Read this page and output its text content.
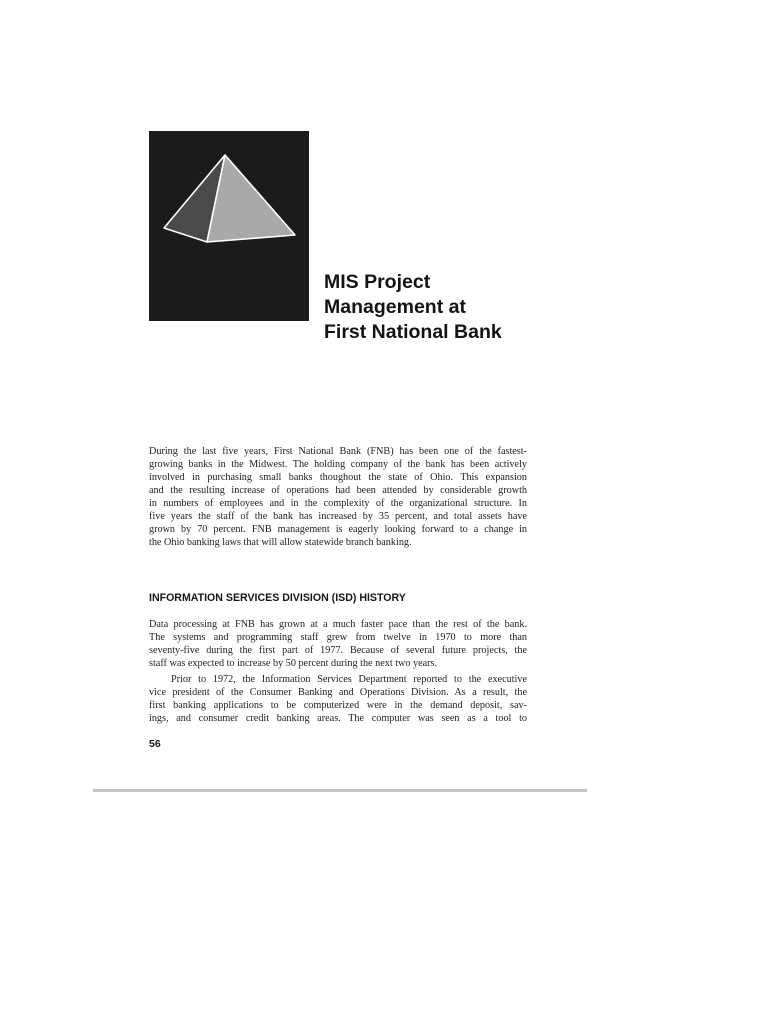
MIS Project
Management at
First National Bank

During the last five years, First National Bank (FNB) has been one of the fastest-
growing banks in the Midwest. The holding company of the bank has been actively
involved in purchasing small banks thoughout the state of Ohio. This expansion
and the resulting increase of operations had been attended by considerable growth
in numbers of employees and in the complexity of the organizational structure. In
five years the staff of the bank has increased by 35 percent, and total assets have
grown by 70 percent. FNB management is eagerly looking forward to a change in
the Ohio banking laws that will allow statewide branch banking.

INFORMATION SERVICES DIVISION (ISD) HISTORY

Data processing at FNB has grown at a much faster pace than the rest of the bank.
The systems and programming staff grew from twelve in 1970 to more than
seventy-five during the first part of 1977. Because of several future projects, the
staff was expected to increase by 50 percent during the next two years.

Prior to 1972, the Information Services Department reported to the executive
vice president of the Consumer Banking and Operations Division. As a result, the
first banking applications to be computerized were in the demand deposit, sav-
ings, and consumer credit banking areas. The computer was seen as a tool to

56
